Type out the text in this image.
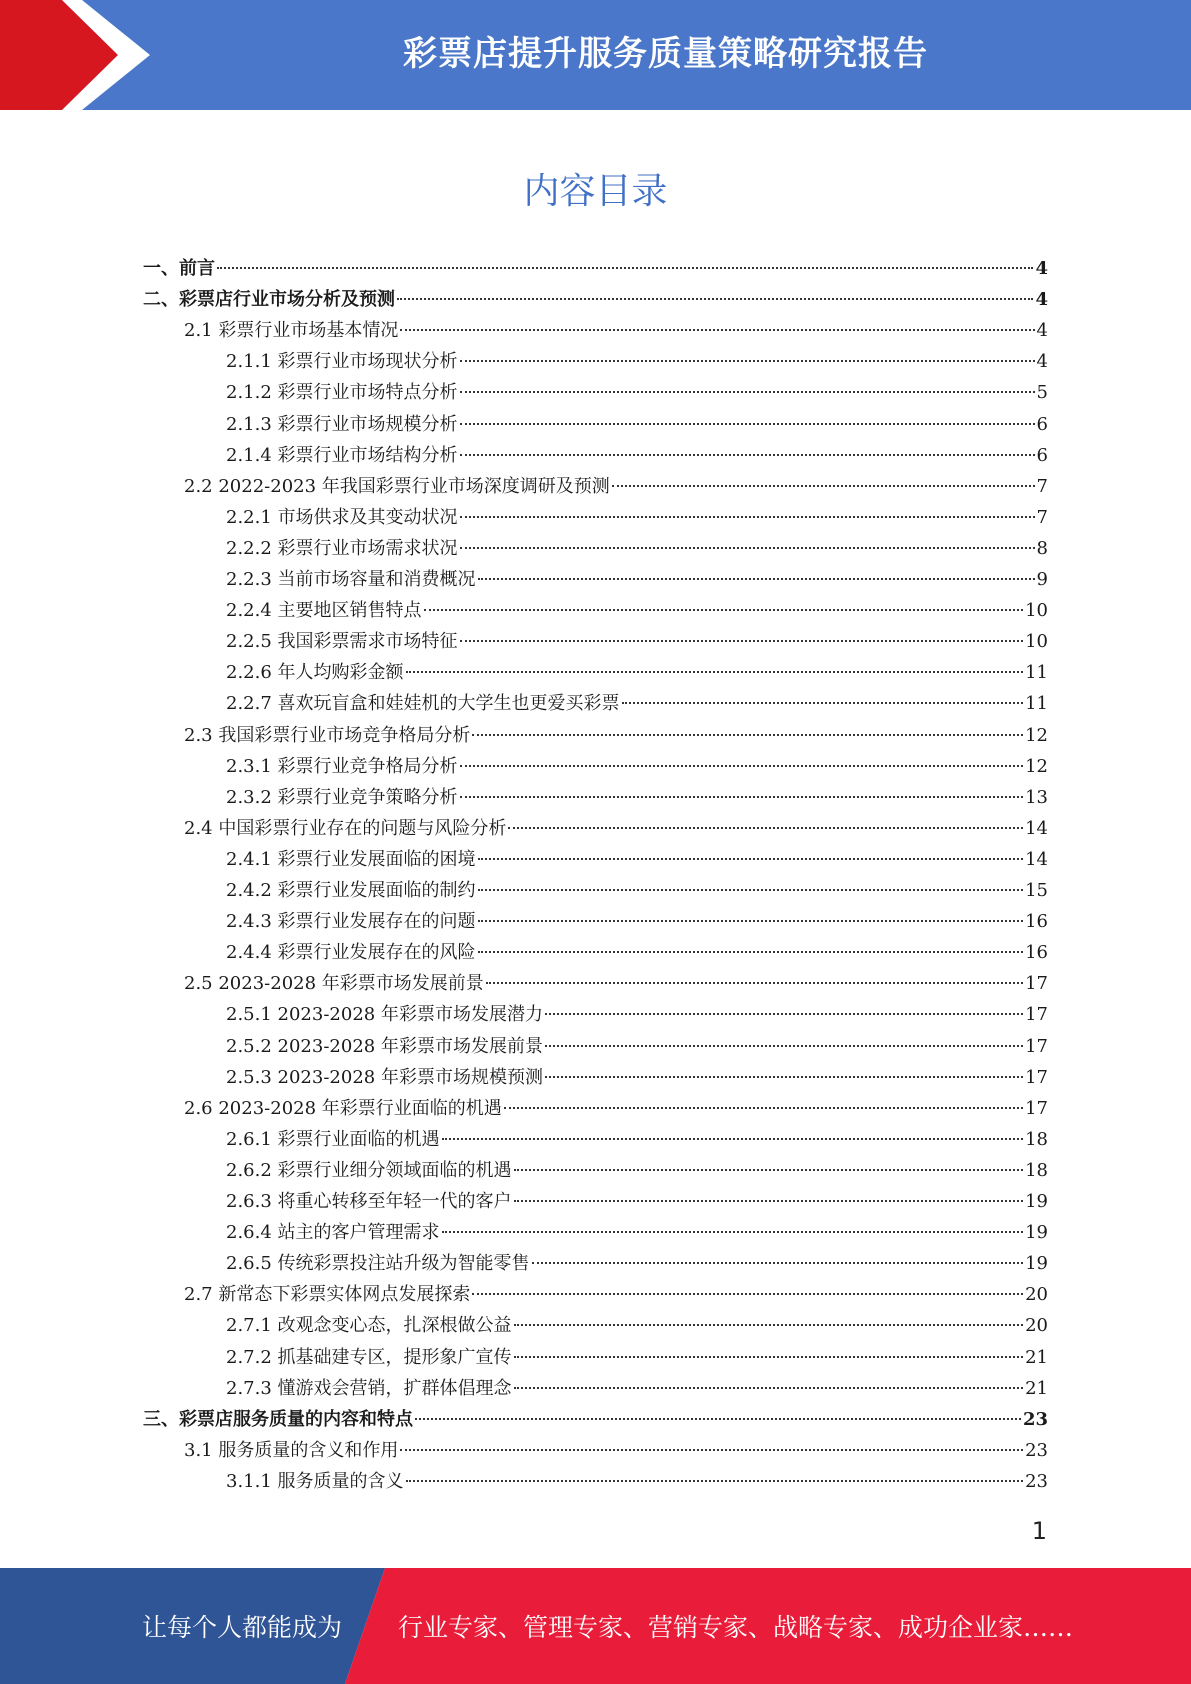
彩票店提升服务质量策略研究报告
内容目录
一、前言	4
二、彩票店行业市场分析及预测	4
2.1 彩票行业市场基本情况	4
2.1.1 彩票行业市场现状分析	4
2.1.2 彩票行业市场特点分析	5
2.1.3 彩票行业市场规模分析	6
2.1.4 彩票行业市场结构分析	6
2.2 2022-2023 年我国彩票行业市场深度调研及预测	7
2.2.1 市场供求及其变动状况	7
2.2.2 彩票行业市场需求状况	8
2.2.3 当前市场容量和消费概况	9
2.2.4 主要地区销售特点	10
2.2.5 我国彩票需求市场特征	10
2.2.6 年人均购彩金额	11
2.2.7 喜欢玩盲盒和娃娃机的大学生也更爱买彩票	11
2.3 我国彩票行业市场竞争格局分析	12
2.3.1 彩票行业竞争格局分析	12
2.3.2 彩票行业竞争策略分析	13
2.4 中国彩票行业存在的问题与风险分析	14
2.4.1 彩票行业发展面临的困境	14
2.4.2 彩票行业发展面临的制约	15
2.4.3 彩票行业发展存在的问题	16
2.4.4 彩票行业发展存在的风险	16
2.5 2023-2028 年彩票市场发展前景	17
2.5.1 2023-2028 年彩票市场发展潜力	17
2.5.2 2023-2028 年彩票市场发展前景	17
2.5.3 2023-2028 年彩票市场规模预测	17
2.6 2023-2028 年彩票行业面临的机遇	17
2.6.1 彩票行业面临的机遇	18
2.6.2 彩票行业细分领域面临的机遇	18
2.6.3 将重心转移至年轻一代的客户	19
2.6.4 站主的客户管理需求	19
2.6.5 传统彩票投注站升级为智能零售	19
2.7 新常态下彩票实体网点发展探索	20
2.7.1 改观念变心态，扎深根做公益	20
2.7.2 抓基础建专区，提形象广宣传	21
2.7.3 懂游戏会营销，扩群体倡理念	21
三、彩票店服务质量的内容和特点	23
3.1 服务质量的含义和作用	23
3.1.1 服务质量的含义	23
1
让每个人都能成为 行业专家、管理专家、营销专家、战略专家、成功企业家……
